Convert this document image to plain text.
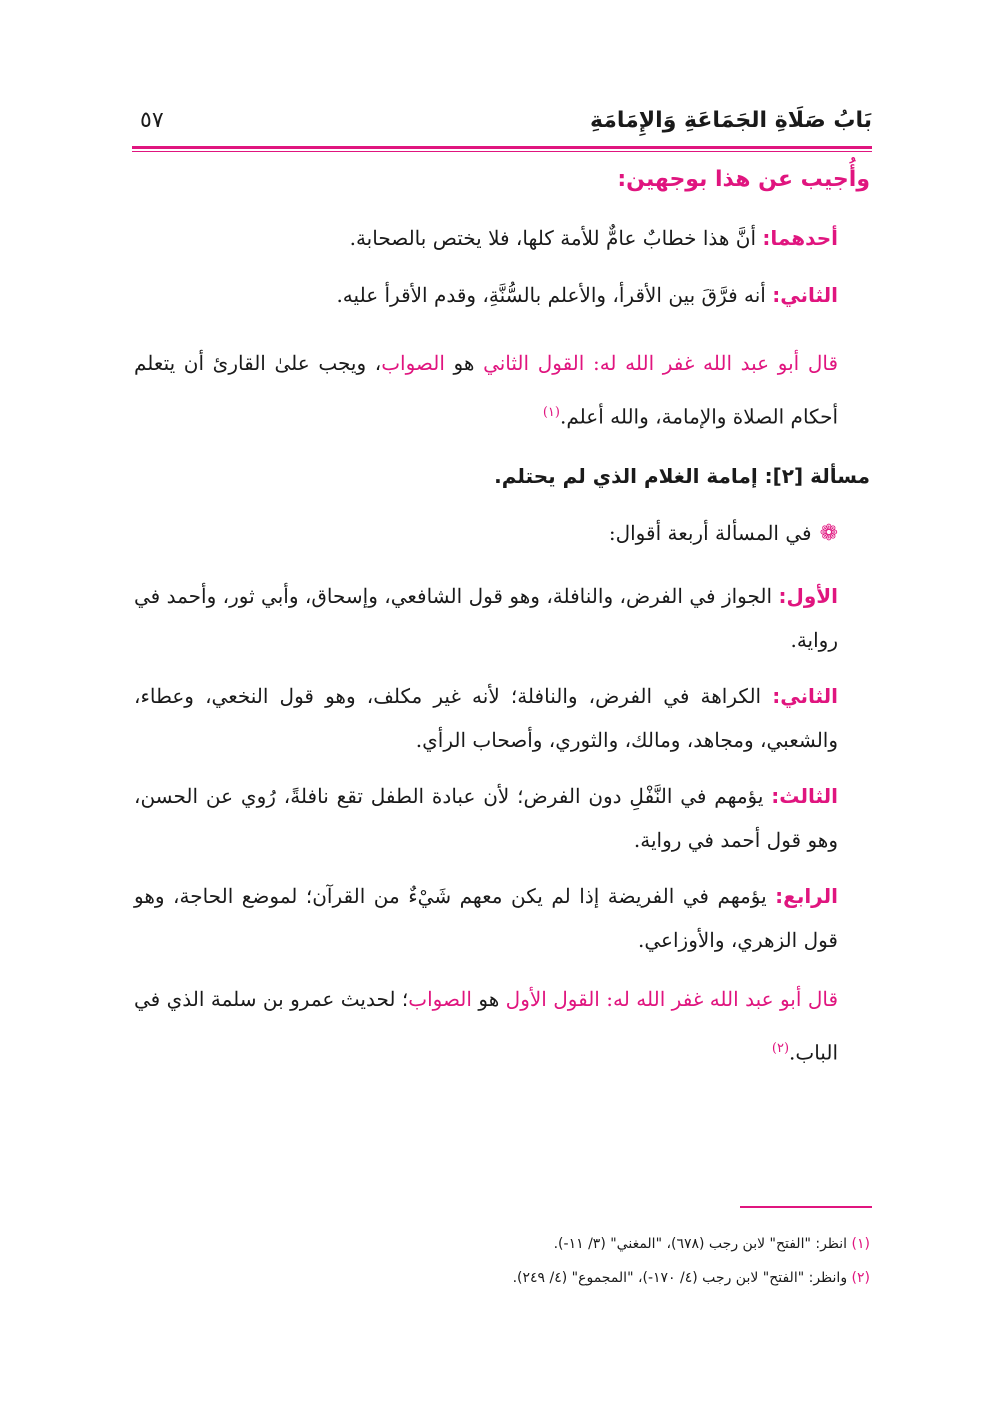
بَابُ صَلَاةِ الجَمَاعَةِ وَالإِمَامَةِ
٥٧

وأُجيب عن هذا بوجهين:

أحدهما: أنَّ هذا خطابٌ عامٌّ للأمة كلها، فلا يختص بالصحابة.

الثاني: أنه فرَّقَ بين الأقرأ، والأعلم بالسُّنَّةِ، وقدم الأقرأ عليه.

قال أبو عبد الله غفر الله له: القول الثاني هو الصواب، ويجب علىٰ القارئ أن يتعلم أحكام الصلاة والإمامة، والله أعلم.$^{(١)}$

مسألة [٢]: إمامة الغلام الذي لم يحتلم.

❁في المسألة أربعة أقوال:

الأول: الجواز في الفرض، والنافلة، وهو قول الشافعي، وإسحاق، وأبي ثور، وأحمد في رواية.

الثاني: الكراهة في الفرض، والنافلة؛ لأنه غير مكلف، وهو قول النخعي، وعطاء، والشعبي، ومجاهد، ومالك، والثوري، وأصحاب الرأي.

الثالث: يؤمهم في النَّفْلِ دون الفرض؛ لأن عبادة الطفل تقع نافلةً، رُوي عن الحسن، وهو قول أحمد في رواية.

الرابع: يؤمهم في الفريضة إذا لم يكن معهم شَيْءٌ من القرآن؛ لموضع الحاجة، وهو قول الزهري، والأوزاعي.

قال أبو عبد الله غفر الله له: القول الأول هو الصواب؛ لحديث عمرو بن سلمة الذي في الباب.$^{(٢)}$

(١) انظر: "الفتح" لابن رجب (٦٧٨)، "المغني" (٣/ ١١-).

(٢) وانظر: "الفتح" لابن رجب (٤/ ١٧٠-)، "المجموع" (٤/ ٢٤٩).
